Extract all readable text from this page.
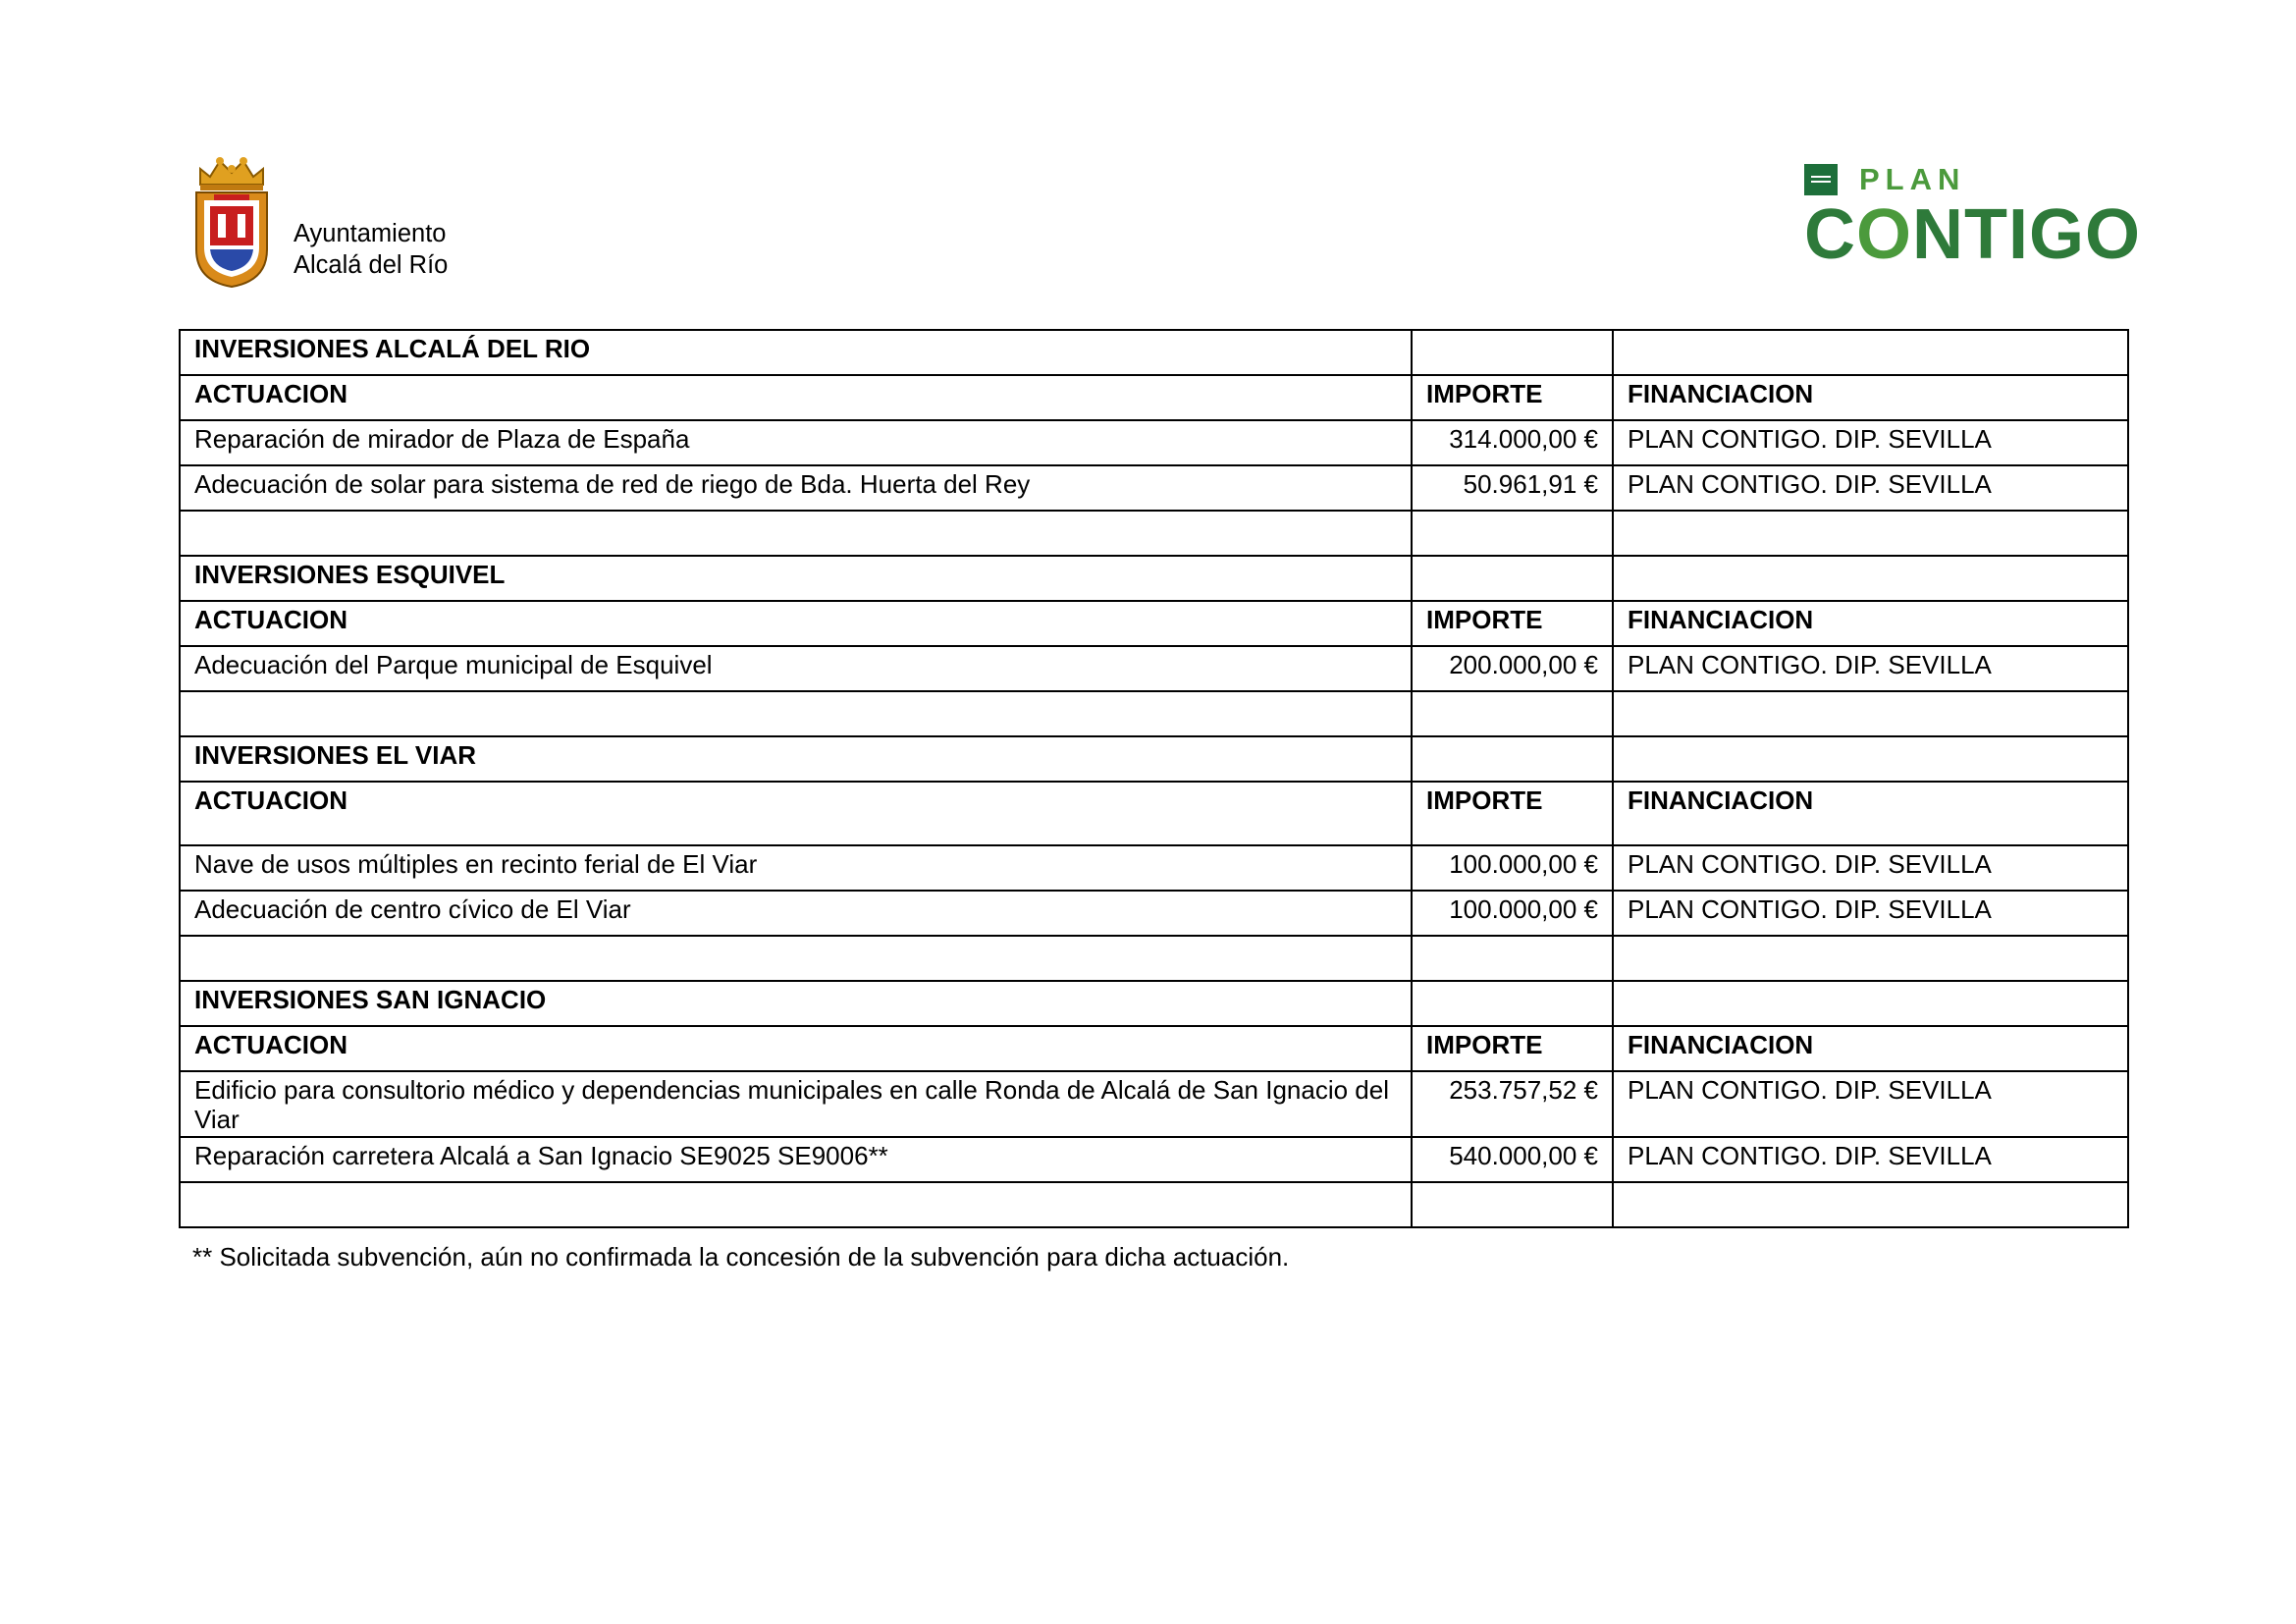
Ayuntamiento
Alcalá del Río
PLAN
CONTIGO
INVERSIONES ALCALÁ DEL RIO		
ACTUACION	IMPORTE	FINANCIACION
Reparación de mirador de Plaza de España	314.000,00 €	PLAN CONTIGO. DIP. SEVILLA
Adecuación de solar para sistema de red de riego de Bda. Huerta del Rey	50.961,91 €	PLAN CONTIGO. DIP. SEVILLA

INVERSIONES ESQUIVEL		
ACTUACION	IMPORTE	FINANCIACION
Adecuación del Parque municipal de Esquivel	200.000,00 €	PLAN CONTIGO. DIP. SEVILLA

INVERSIONES EL VIAR		
ACTUACION	IMPORTE	FINANCIACION
Nave de usos múltiples en recinto ferial de El Viar	100.000,00 €	PLAN CONTIGO. DIP. SEVILLA
Adecuación de centro cívico de El Viar	100.000,00 €	PLAN CONTIGO. DIP. SEVILLA

INVERSIONES SAN IGNACIO		
ACTUACION	IMPORTE	FINANCIACION
Edificio para consultorio médico y dependencias municipales en calle Ronda de Alcalá de San Ignacio del Viar	253.757,52 €	PLAN CONTIGO. DIP. SEVILLA
Reparación carretera Alcalá a San Ignacio SE9025 SE9006**	540.000,00 €	PLAN CONTIGO. DIP. SEVILLA

** Solicitada subvención, aún no confirmada la concesión de la subvención para dicha actuación.
